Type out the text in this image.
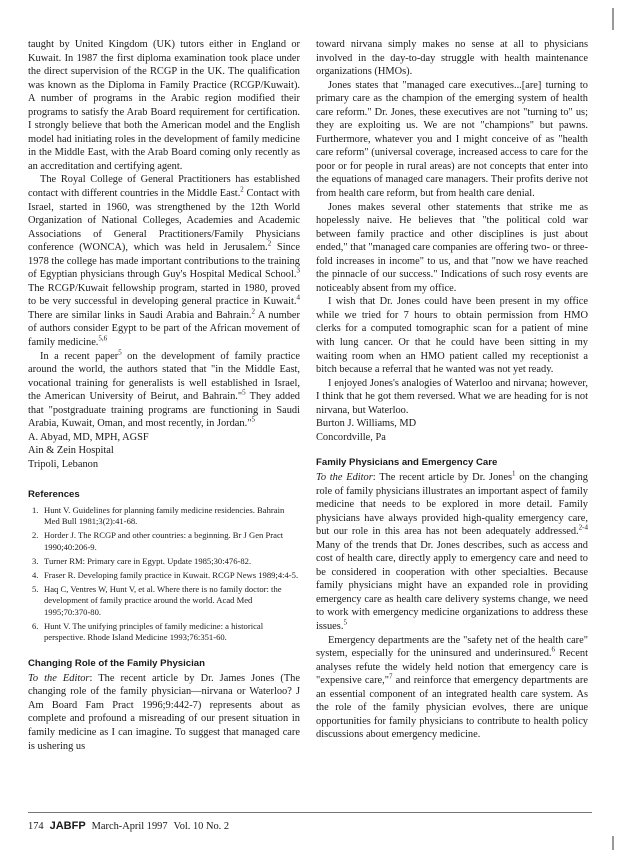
taught by United Kingdom (UK) tutors either in England or Kuwait. In 1987 the first diploma examination took place under the direct supervision of the RCGP in the UK. The qualification was known as the Diploma in Family Practice (RCGP/Kuwait). A number of programs in the Arabic region modified their programs to satisfy the Arab Board requirement for certification. I strongly believe that both the American model and the English model had initiating roles in the development of family medicine in the Middle East, with the Arab Board coming only recently as an accreditation and certifying agent.

The Royal College of General Practitioners has established contact with different countries in the Middle East.$^2$ Contact with Israel, started in 1960, was strengthened by the 12th World Organization of National Colleges, Academies and Academic Associations of General Practitioners/Family Physicians conference (WONCA), which was held in Jerusalem.$^2$ Since 1978 the college has made important contributions to the training of Egyptian physicians through Guy's Hospital Medical School.$^3$ The RCGP/Kuwait fellowship program, started in 1980, proved to be very successful in developing general practice in Kuwait.$^4$ There are similar links in Saudi Arabia and Bahrain.$^2$ A number of authors consider Egypt to be part of the African movement of family medicine.$^{5,6}$

In a recent paper$^5$ on the development of family practice around the world, the authors stated that "in the Middle East, vocational training for generalists is well established in Israel, the American University of Beirut, and Bahrain."$^5$ They added that "postgraduate training programs are functioning in Saudi Arabia, Kuwait, Oman, and most recently, in Jordan."$^5$

A. Abyad, MD, MPH, AGSF

Ain & Zein Hospital

Tripoli, Lebanon

References
1. Hunt V. Guidelines for planning family medicine residencies. Bahrain Med Bull 1981;3(2):41-68.
2. Horder J. The RCGP and other countries: a beginning. Br J Gen Pract 1990;40:206-9.
3. Turner RM: Primary care in Egypt. Update 1985;30:476-82.
4. Fraser R. Developing family practice in Kuwait. RCGP News 1989;4:4-5.
5. Haq C, Ventres W, Hunt V, et al. Where there is no family doctor: the development of family practice around the world. Acad Med 1995;70:370-80.
6. Hunt V. The unifying principles of family medicine: a historical perspective. Rhode Island Medicine 1993;76:351-60.
Changing Role of the Family Physician

To the Editor: The recent article by Dr. James Jones (The changing role of the family physician—nirvana or Waterloo? J Am Board Fam Pract 1996;9:442-7) represents about as complete and profound a misreading of our present situation in family medicine as I can imagine. To suggest that managed care is ushering us

toward nirvana simply makes no sense at all to physicians involved in the day-to-day struggle with health maintenance organizations (HMOs).

Jones states that "managed care executives...[are] turning to primary care as the champion of the emerging system of health care reform." Dr. Jones, these executives are not "turning to" us; they are exploiting us. We are not "champions" but pawns. Furthermore, whatever you and I might conceive of as "health care reform" (universal coverage, increased access to care for the poor or for people in rural areas) are not concepts that enter into the equations of managed care managers. Their profits derive not from health care reform, but from health care denial.

Jones makes several other statements that strike me as hopelessly naive. He believes that "the political cold war between family practice and other disciplines is just about ended," that "managed care companies are offering two- or three-fold increases in income" to us, and that "now we have reached the pinnacle of our success." Indications of such rosy events are noticeably absent from my office.

I wish that Dr. Jones could have been present in my office while we tried for 7 hours to obtain permission from HMO clerks for a computed tomographic scan for a patient of mine with lung cancer. Or that he could have been sitting in my waiting room when an HMO patient called my receptionist a bitch because a referral that he wanted was not yet ready.

I enjoyed Jones's analogies of Waterloo and nirvana; however, I think that he got them reversed. What we are heading for is not nirvana, but Waterloo.

Burton J. Williams, MD

Concordville, Pa

Family Physicians and Emergency Care

To the Editor: The recent article by Dr. Jones$^1$ on the changing role of family physicians illustrates an important aspect of family medicine that needs to be explored in more detail. Family physicians have always provided high-quality emergency care, but our role in this area has not been adequately addressed.$^{2-4}$ Many of the trends that Dr. Jones describes, such as access and cost of health care, directly apply to emergency care and need to be considered in cooperation with other specialties. Because family physicians might have an expanded role in providing emergency care as health care delivery systems change, we need to work with emergency medicine organizations to address these issues.$^5$

Emergency departments are the "safety net of the health care" system, especially for the uninsured and underinsured.$^6$ Recent analyses refute the widely held notion that emergency care is "expensive care,"$^7$ and reinforce that emergency departments are an essential component of an integrated health care system. As the role of the family physician evolves, there are unique opportunities for family physicians to contribute to health policy discussions about emergency medicine.

174 JABFP March-April 1997 Vol. 10 No. 2
